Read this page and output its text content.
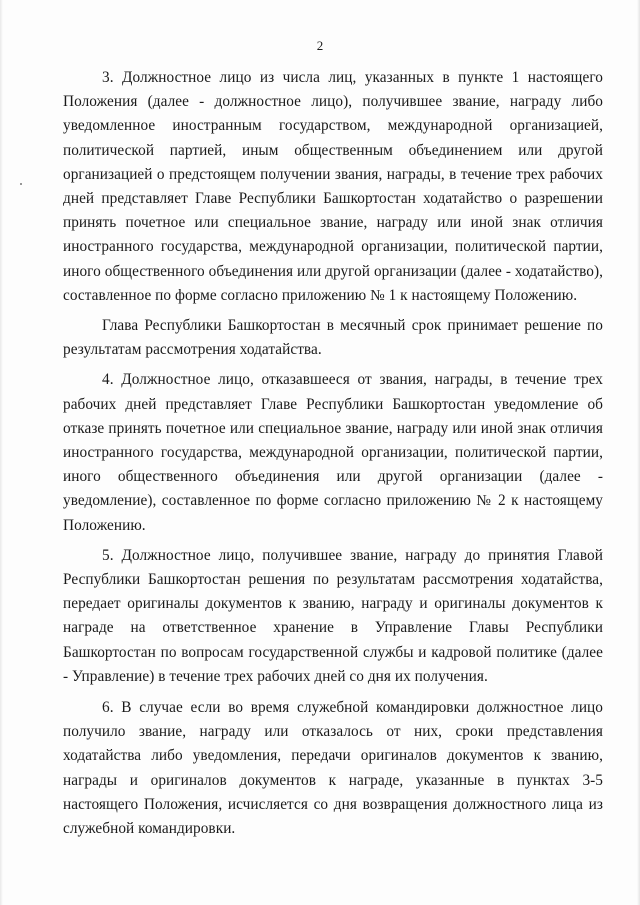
2

3. Должностное лицо из числа лиц, указанных в пункте 1 настоящего Положения (далее - должностное лицо), получившее звание, награду либо уведомленное иностранным государством, международной организацией, политической партией, иным общественным объединением или другой организацией о предстоящем получении звания, награды, в течение трех рабочих дней представляет Главе Республики Башкортостан ходатайство о разрешении принять почетное или специальное звание, награду или иной знак отличия иностранного государства, международной организации, политической партии, иного общественного объединения или другой организации (далее - ходатайство), составленное по форме согласно приложению № 1 к настоящему Положению.

Глава Республики Башкортостан в месячный срок принимает решение по результатам рассмотрения ходатайства.

4. Должностное лицо, отказавшееся от звания, награды, в течение трех рабочих дней представляет Главе Республики Башкортостан уведомление об отказе принять почетное или специальное звание, награду или иной знак отличия иностранного государства, международной организации, политической партии, иного общественного объединения или другой организации (далее - уведомление), составленное по форме согласно приложению № 2 к настоящему Положению.

5. Должностное лицо, получившее звание, награду до принятия Главой Республики Башкортостан решения по результатам рассмотрения ходатайства, передает оригиналы документов к званию, награду и оригиналы документов к награде на ответственное хранение в Управление Главы Республики Башкортостан по вопросам государственной службы и кадровой политике (далее - Управление) в течение трех рабочих дней со дня их получения.

6. В случае если во время служебной командировки должностное лицо получило звание, награду или отказалось от них, сроки представления ходатайства либо уведомления, передачи оригиналов документов к званию, награды и оригиналов документов к награде, указанные в пунктах 3-5 настоящего Положения, исчисляется со дня возвращения должностного лица из служебной командировки.
